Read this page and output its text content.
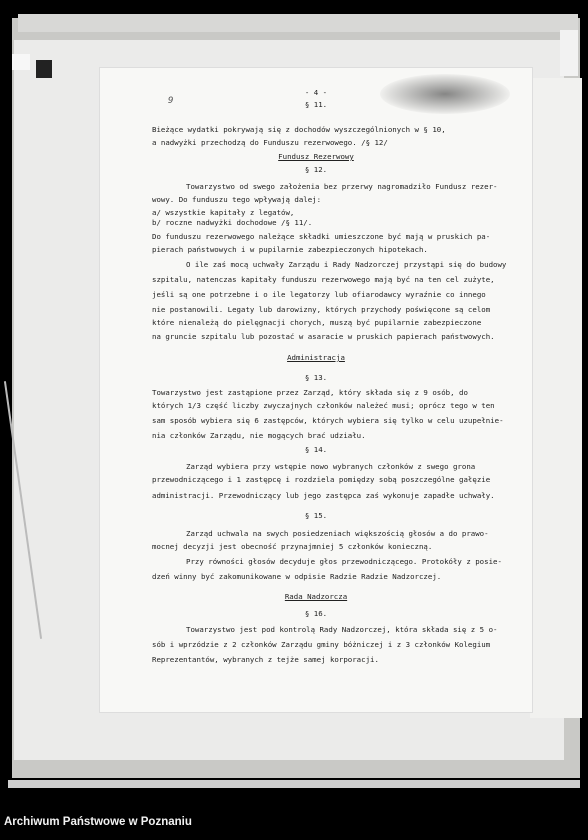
- 4 -
9	§ 11.
Bieżące wydatki pokrywają się z dochodów wyszczególnionych w § 10,
a nadwyżki przechodzą do Funduszu rezerwowego. /§ 12/
Fundusz Rezerwowy
§ 12.
Towarzystwo od swego założenia bez przerwy nagromadziło Fundusz rezer-
wowy. Do funduszu tego wpływają dalej:
a/ wszystkie kapitały z legatów,
b/ roczne nadwyżki dochodowe /§ 11/.
Do funduszu rezerwowego należące składki umieszczone być mają w pruskich pa-
pierach państwowych i w pupilarnie zabezpieczonych hipotekach.
O ile zaś mocą uchwały Zarządu i Rady Nadzorczej przystąpi się do budowy
szpitalu, natenczas kapitały funduszu rezerwowego mają być na ten cel zużyte,
jeśli są one potrzebne i o ile legatorzy lub ofiarodawcy wyraźnie co innego
nie postanowili. Legaty lub darowizny, których przychody poświęcone są celom
które nienależą do pielęgnacji chorych, muszą być pupilarnie zabezpieczone
na gruncie szpitalu lub pozostać w asaracie w pruskich papierach państwowych.
Administracja
§ 13.
Towarzystwo jest zastąpione przez Zarząd, który składa się z 9 osób, do
których 1/3 część liczby zwyczajnych członków należeć musi; oprócz tego w ten
sam sposób wybiera się 6 zastępców, których wybiera się tylko w celu uzupełnie-
nia członków Zarządu, nie mogących brać udziału.
§ 14.
Zarząd wybiera przy wstępie nowo wybranych członków z swego grona
przewodniczącego i 1 zastępcę i rozdziela pomiędzy sobą poszczególne gałęzie
administracji. Przewodniczący lub jego zastępca zaś wykonuje zapadłe uchwały.
§ 15.
Zarząd uchwala na swych posiedzeniach większością głosów a do prawo-
mocnej decyzji jest obecność przynajmniej 5 członków konieczną.
Przy równości głosów decyduje głos przewodniczącego. Protokóły z posie-
dzeń winny być zakomunikowane w odpisie Radzie Radzie Nadzorczej.
Rada Nadzorcza
§ 16.
Towarzystwo jest pod kontrolą Rady Nadzorczej, która składa się z 5 o-
sób i wprzódzie z 2 członków Zarządu gminy bóżniczej i z 3 członków Kolegium
Reprezentantów, wybranych z tejże samej korporacji.
Archiwum Państwowe w Poznaniu
